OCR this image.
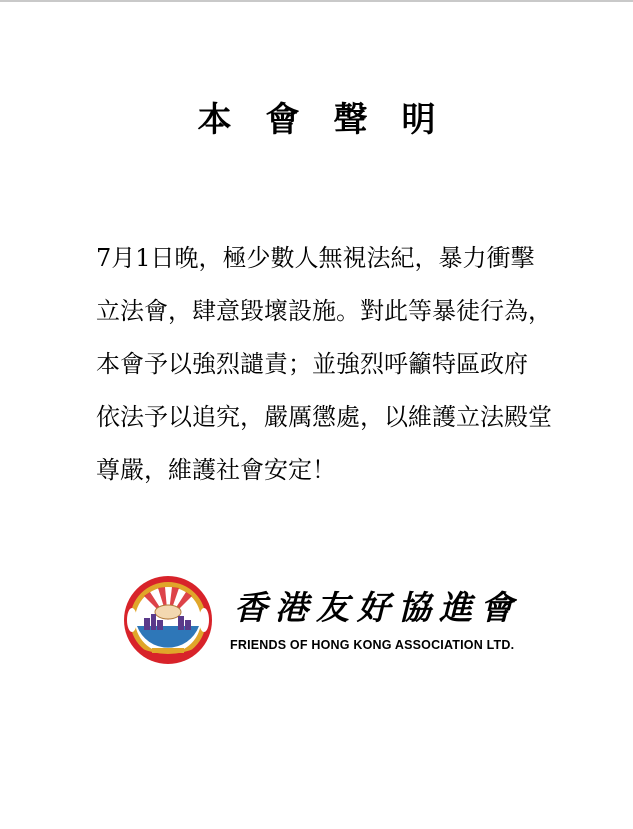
本　會　聲　明
7月1日晚，極少數人無視法紀，暴力衝擊
立法會，肆意毀壞設施。對此等暴徒行為，
本會予以強烈譴責；並強烈呼籲特區政府
依法予以追究，嚴厲懲處，以維護立法殿堂
尊嚴，維護社會安定！
香港友好協進會
FRIENDS OF HONG KONG ASSOCIATION LTD.
